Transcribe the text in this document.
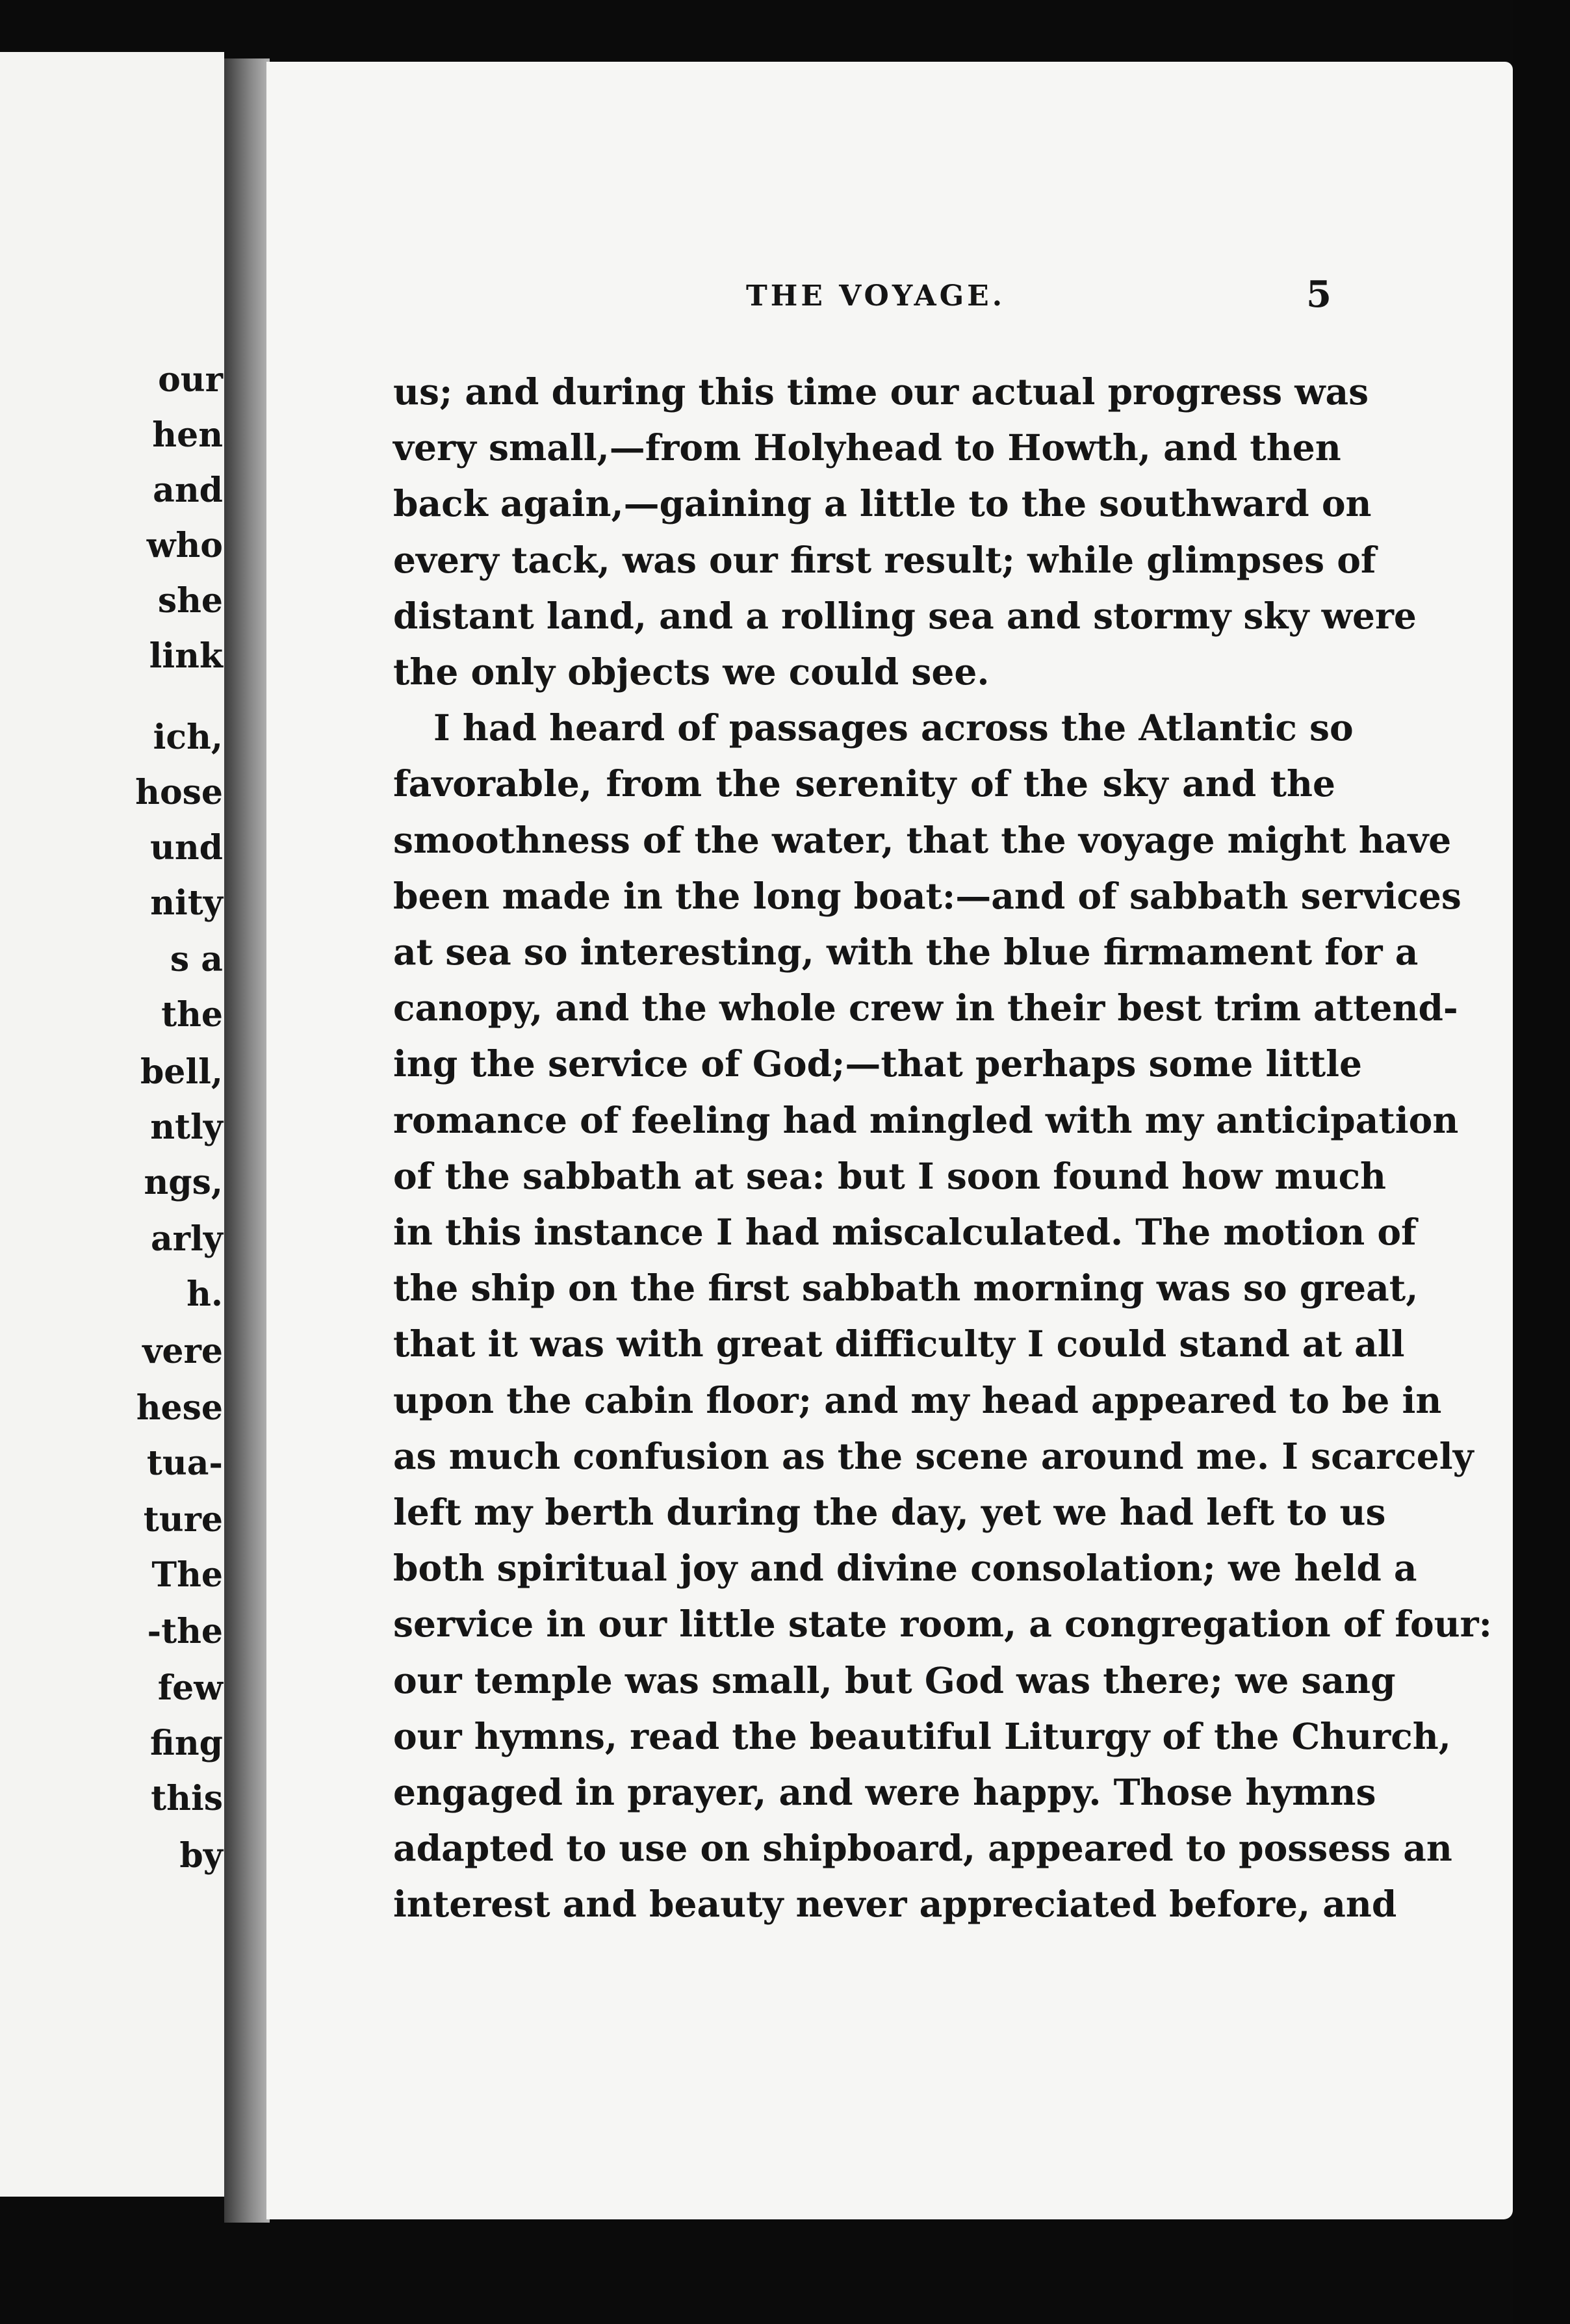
our
hen
and
who
she
link
ich,
hose
und
nity
s a
the
bell,
ntly
ngs,
arly
h.
vere
hese
tua-
ture
The
-the
few
fing
this
by
THE VOYAGE.	5
us; and during this time our actual progress was
very small,—from Holyhead to Howth, and then
back again,—gaining a little to the southward on
every tack, was our first result; while glimpses of
distant land, and a rolling sea and stormy sky were
the only objects we could see.
I had heard of passages across the Atlantic so
favorable, from the serenity of the sky and the
smoothness of the water, that the voyage might have
been made in the long boat:—and of sabbath services
at sea so interesting, with the blue firmament for a
canopy, and the whole crew in their best trim attend-
ing the service of God;—that perhaps some little
romance of feeling had mingled with my anticipation
of the sabbath at sea: but I soon found how much
in this instance I had miscalculated. The motion of
the ship on the first sabbath morning was so great,
that it was with great difficulty I could stand at all
upon the cabin floor; and my head appeared to be in
as much confusion as the scene around me. I scarcely
left my berth during the day, yet we had left to us
both spiritual joy and divine consolation; we held a
service in our little state room, a congregation of four:
our temple was small, but God was there; we sang
our hymns, read the beautiful Liturgy of the Church,
engaged in prayer, and were happy. Those hymns
adapted to use on shipboard, appeared to possess an
interest and beauty never appreciated before, and
